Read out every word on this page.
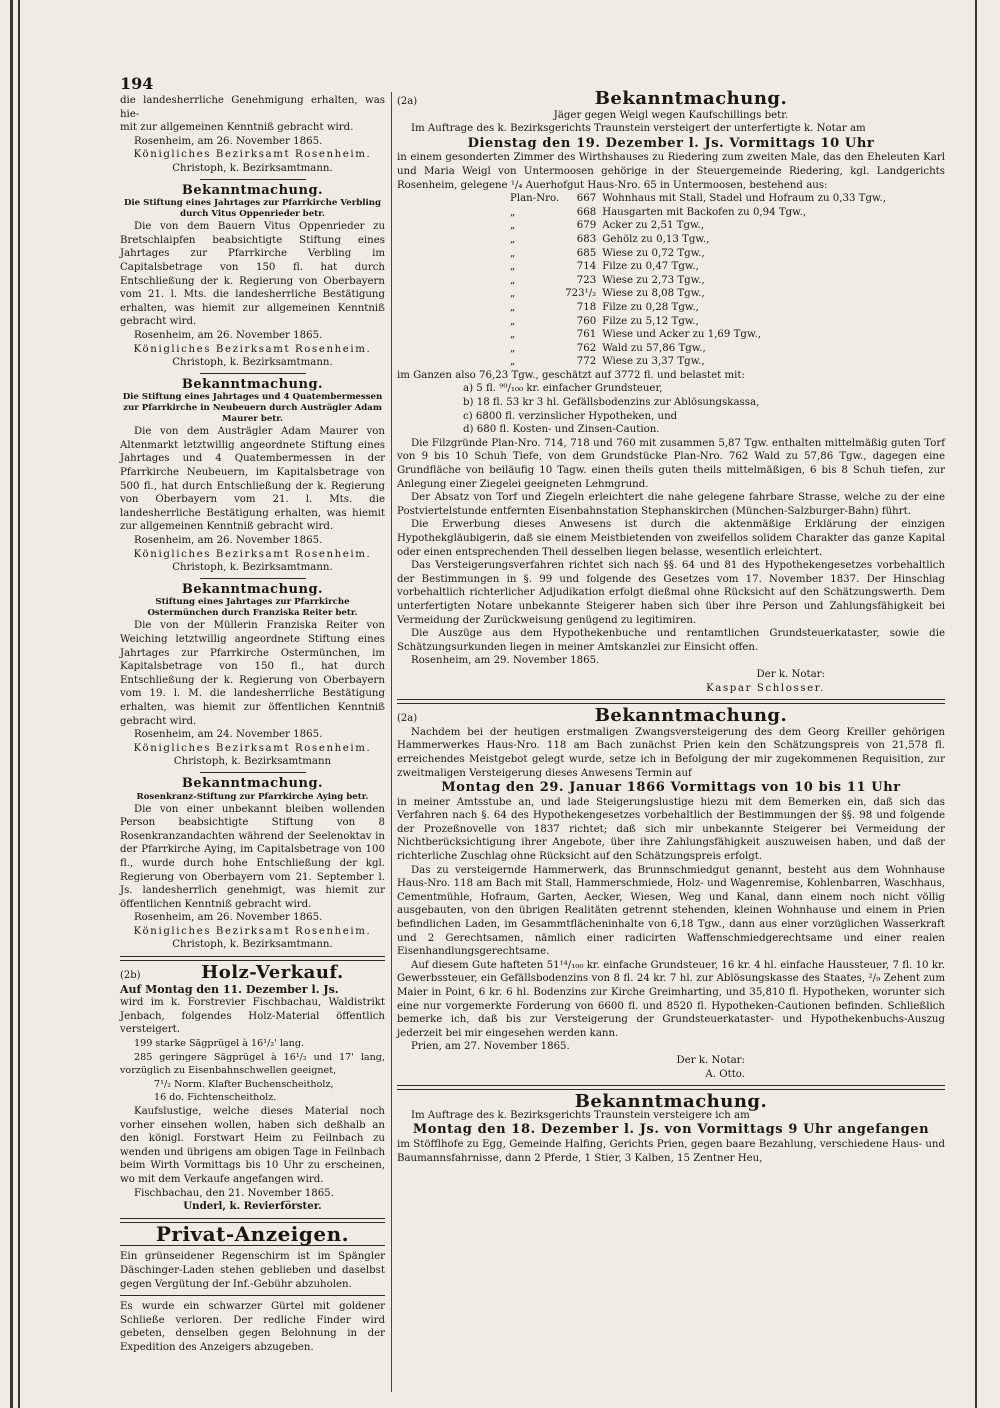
194

die landesherrliche Genehmigung erhalten, was hie-

mit zur allgemeinen Kenntniß gebracht wird.

Rosenheim, am 26. November 1865.

Königliches Bezirksamt Rosenheim.

Christoph, k. Bezirksamtmann.

Bekanntmachung.

Die Stiftung eines Jahrtages zur Pfarrkirche Verbling durch Vitus Oppenrieder betr.

Die von dem Bauern Vitus Oppenrieder zu Bretschlaipfen beabsichtigte Stiftung eines Jahrtages zur Pfarrkirche Verbling im Capitalsbetrage von 150 fl. hat durch Entschließung der k. Regierung von Oberbayern vom 21. l. Mts. die landesherrliche Bestätigung erhalten, was hiemit zur allgemeinen Kenntniß gebracht wird.

Rosenheim, am 26. November 1865.

Königliches Bezirksamt Rosenheim.

Christoph, k. Bezirksamtmann.

Bekanntmachung.

Die Stiftung eines Jahrtages und 4 Quatembermessen zur Pfarrkirche in Neubeuern durch Austrägler Adam Maurer betr.

Die von dem Austrägler Adam Maurer von Altenmarkt letztwillig angeordnete Stiftung eines Jahrtages und 4 Quatembermessen in der Pfarrkirche Neubeuern, im Kapitalsbetrage von 500 fl., hat durch Entschließung der k. Regierung von Oberbayern vom 21. l. Mts. die landesherrliche Bestätigung erhalten, was hiemit zur allgemeinen Kenntniß gebracht wird.

Rosenheim, am 26. November 1865.

Königliches Bezirksamt Rosenheim.

Christoph, k. Bezirksamtmann.

Bekanntmachung.

Stiftung eines Jahrtages zur Pfarrkirche Ostermünchen durch Franziska Reiter betr.

Die von der Müllerin Franziska Reiter von Weiching letztwillig angeordnete Stiftung eines Jahrtages zur Pfarrkirche Ostermünchen, im Kapitalsbetrage von 150 fl., hat durch Entschließung der k. Regierung von Oberbayern vom 19. l. M. die landesherrliche Bestätigung erhalten, was hiemit zur öffentlichen Kenntniß gebracht wird.

Rosenheim, am 24. November 1865.

Königliches Bezirksamt Rosenheim.

Christoph, k. Bezirksamtmann

Bekanntmachung.

Rosenkranz-Stiftung zur Pfarrkirche Aying betr.

Die von einer unbekannt bleiben wollenden Person beabsichtigte Stiftung von 8 Rosenkranzandachten während der Seelenoktav in der Pfarrkirche Aying, im Capitalsbetrage von 100 fl., wurde durch hohe Entschließung der kgl. Regierung von Oberbayern vom 21. September l. Js. landesherrlich genehmigt, was hiemit zur öffentlichen Kenntniß gebracht wird.

Rosenheim, am 26. November 1865.

Königliches Bezirksamt Rosenheim.

Christoph, k. Bezirksamtmann.

(2b)	Holz-Verkauf.

Auf Montag den 11. Dezember l. Js.

wird im k. Forstrevier Fischbachau, Waldistrikt Jenbach, folgendes Holz-Material öffentlich versteigert.

199 starke Sägprügel à 16¹/₂' lang.

285 geringere Sägprügel à 16¹/₂ und 17' lang, vorzüglich zu Eisenbahnschwellen geeignet,

7¹/₂ Norm. Klafter Buchenscheitholz,

16 do. Fichtenscheitholz.

Kaufslustige, welche dieses Material noch vorher einsehen wollen, haben sich deßhalb an den königl. Forstwart Heim zu Feilnbach zu wenden und übrigens am obigen Tage in Feilnbach beim Wirth Vormittags bis 10 Uhr zu erscheinen, wo mit dem Verkaufe angefangen wird.

Fischbachau, den 21. November 1865.

Underl, k. Revierförster.

Privat-Anzeigen.

Ein grünseidener Regenschirm ist im Spängler Däschinger-Laden stehen geblieben und daselbst gegen Vergütung der Inf.-Gebühr abzuholen.

Es wurde ein schwarzer Gürtel mit goldener Schließe verloren. Der redliche Finder wird gebeten, denselben gegen Belohnung in der Expedition des Anzeigers abzugeben.

(2a)	Bekanntmachung.

Jäger gegen Weigl wegen Kaufschillings betr.

Im Auftrage des k. Bezirksgerichts Traunstein versteigert der unterfertigte k. Notar am

Dienstag den 19. Dezember l. Js. Vormittags 10 Uhr

in einem gesonderten Zimmer des Wirthshauses zu Riedering zum zweiten Male, das den Eheleuten Karl und Maria Weigl von Untermoosen gehörige in der Steuergemeinde Riedering, kgl. Landgerichts Rosenheim, gelegene ¹/₄ Auerhofgut Haus-Nro. 65 in Untermoosen, bestehend aus:

Plan-Nro.	667	Wohnhaus mit Stall, Stadel und Hofraum zu 0,33 Tgw.,
„	668	Hausgarten mit Backofen zu 0,94 Tgw.,
„	679	Acker zu 2,51 Tgw.,
„	683	Gehölz zu 0,13 Tgw.,
„	685	Wiese zu 0,72 Tgw.,
„	714	Filze zu 0,47 Tgw.,
„	723	Wiese zu 2,73 Tgw.,
„	723¹/₂	Wiese zu 8,08 Tgw.,
„	718	Filze zu 0,28 Tgw.,
„	760	Filze zu 5,12 Tgw.,
„	761	Wiese und Acker zu 1,69 Tgw.,
„	762	Wald zu 57,86 Tgw.,
„	772	Wiese zu 3,37 Tgw.,

im Ganzen also 76,23 Tgw., geschätzt auf 3772 fl. und belastet mit:

a) 5 fl. ⁹⁰/₁₀₀ kr. einfacher Grundsteuer,

b) 18 fl. 53 kr 3 hl. Gefällsbodenzins zur Ablösungskassa,

c) 6800 fl. verzinslicher Hypotheken, und

d) 680 fl. Kosten- und Zinsen-Caution.

Die Filzgründe Plan-Nro. 714, 718 und 760 mit zusammen 5,87 Tgw. enthalten mittelmäßig guten Torf von 9 bis 10 Schuh Tiefe, von dem Grundstücke Plan-Nro. 762 Wald zu 57,86 Tgw., dagegen eine Grundfläche von beiläufig 10 Tagw. einen theils guten theils mittelmäßigen, 6 bis 8 Schuh tiefen, zur Anlegung einer Ziegelei geeigneten Lehmgrund.

Der Absatz von Torf und Ziegeln erleichtert die nahe gelegene fahrbare Strasse, welche zu der eine Postviertelstunde entfernten Eisenbahnstation Stephanskirchen (München-Salzburger-Bahn) führt.

Die Erwerbung dieses Anwesens ist durch die aktenmäßige Erklärung der einzigen Hypothekgläubigerin, daß sie einem Meistbietenden von zweifellos solidem Charakter das ganze Kapital oder einen entsprechenden Theil desselben liegen belasse, wesentlich erleichtert.

Das Versteigerungsverfahren richtet sich nach §§. 64 und 81 des Hypothekengesetzes vorbehaltlich der Bestimmungen in §. 99 und folgende des Gesetzes vom 17. November 1837. Der Hinschlag vorbehaltlich richterlicher Adjudikation erfolgt dießmal ohne Rücksicht auf den Schätzungswerth. Dem unterfertigten Notare unbekannte Steigerer haben sich über ihre Person und Zahlungsfähigkeit bei Vermeidung der Zurückweisung genügend zu legitimiren.

Die Auszüge aus dem Hypothekenbuche und rentamtlichen Grundsteuerkataster, sowie die Schätzungsurkunden liegen in meiner Amtskanzlei zur Einsicht offen.

Rosenheim, am 29. November 1865.

Der k. Notar:

Kaspar Schlosser.

(2a)	Bekanntmachung.

Nachdem bei der heutigen erstmaligen Zwangsversteigerung des dem Georg Kreiller gehörigen Hammerwerkes Haus-Nro. 118 am Bach zunächst Prien kein den Schätzungspreis von 21,578 fl. erreichendes Meistgebot gelegt wurde, setze ich in Befolgung der mir zugekommenen Requisition, zur zweitmaligen Versteigerung dieses Anwesens Termin auf

Montag den 29. Januar 1866 Vormittags von 10 bis 11 Uhr

in meiner Amtsstube an, und lade Steigerungslustige hiezu mit dem Bemerken ein, daß sich das Verfahren nach §. 64 des Hypothekengesetzes vorbehaltlich der Bestimmungen der §§. 98 und folgende der Prozeßnovelle von 1837 richtet; daß sich mir unbekannte Steigerer bei Vermeidung der Nichtberücksichtigung ihrer Angebote, über ihre Zahlungsfähigkeit auszuweisen haben, und daß der richterliche Zuschlag ohne Rücksicht auf den Schätzungspreis erfolgt.

Das zu versteigernde Hammerwerk, das Brunnschmiedgut genannt, besteht aus dem Wohnhause Haus-Nro. 118 am Bach mit Stall, Hammerschmiede, Holz- und Wagenremise, Kohlenbarren, Waschhaus, Cementmühle, Hofraum, Garten, Aecker, Wiesen, Weg und Kanal, dann einem noch nicht völlig ausgebauten, von den übrigen Realitäten getrennt stehenden, kleinen Wohnhause und einem in Prien befindlichen Laden, im Gesammtflächeninhalte von 6,18 Tgw., dann aus einer vorzüglichen Wasserkraft und 2 Gerechtsamen, nämlich einer radicirten Waffenschmiedgerechtsame und einer realen Eisenhandlungsgerechtsame.

Auf diesem Gute hafteten 51¹⁴/₁₀₀ kr. einfache Grundsteuer, 16 kr. 4 hl. einfache Haussteuer, 7 fl. 10 kr. Gewerbssteuer, ein Gefällsbodenzins von 8 fl. 24 kr. 7 hl. zur Ablösungskasse des Staates, ²/₉ Zehent zum Maier in Point, 6 kr. 6 hl. Bodenzins zur Kirche Greimharting, und 35,810 fl. Hypotheken, worunter sich eine nur vorgemerkte Forderung von 6600 fl. und 8520 fl. Hypotheken-Cautionen befinden. Schließlich bemerke ich, daß bis zur Versteigerung der Grundsteuerkataster- und Hypothekenbuchs-Auszug jederzeit bei mir eingesehen werden kann.

Prien, am 27. November 1865.

Der k. Notar:

A. Otto.

Bekanntmachung.

Im Auftrage des k. Bezirksgerichts Traunstein versteigere ich am

Montag den 18. Dezember l. Js. von Vormittags 9 Uhr angefangen

im Stöfflhofe zu Egg, Gemeinde Halfing, Gerichts Prien, gegen baare Bezahlung, verschiedene Haus- und Baumannsfahrnisse, dann 2 Pferde, 1 Stier, 3 Kalben, 15 Zentner Heu,
